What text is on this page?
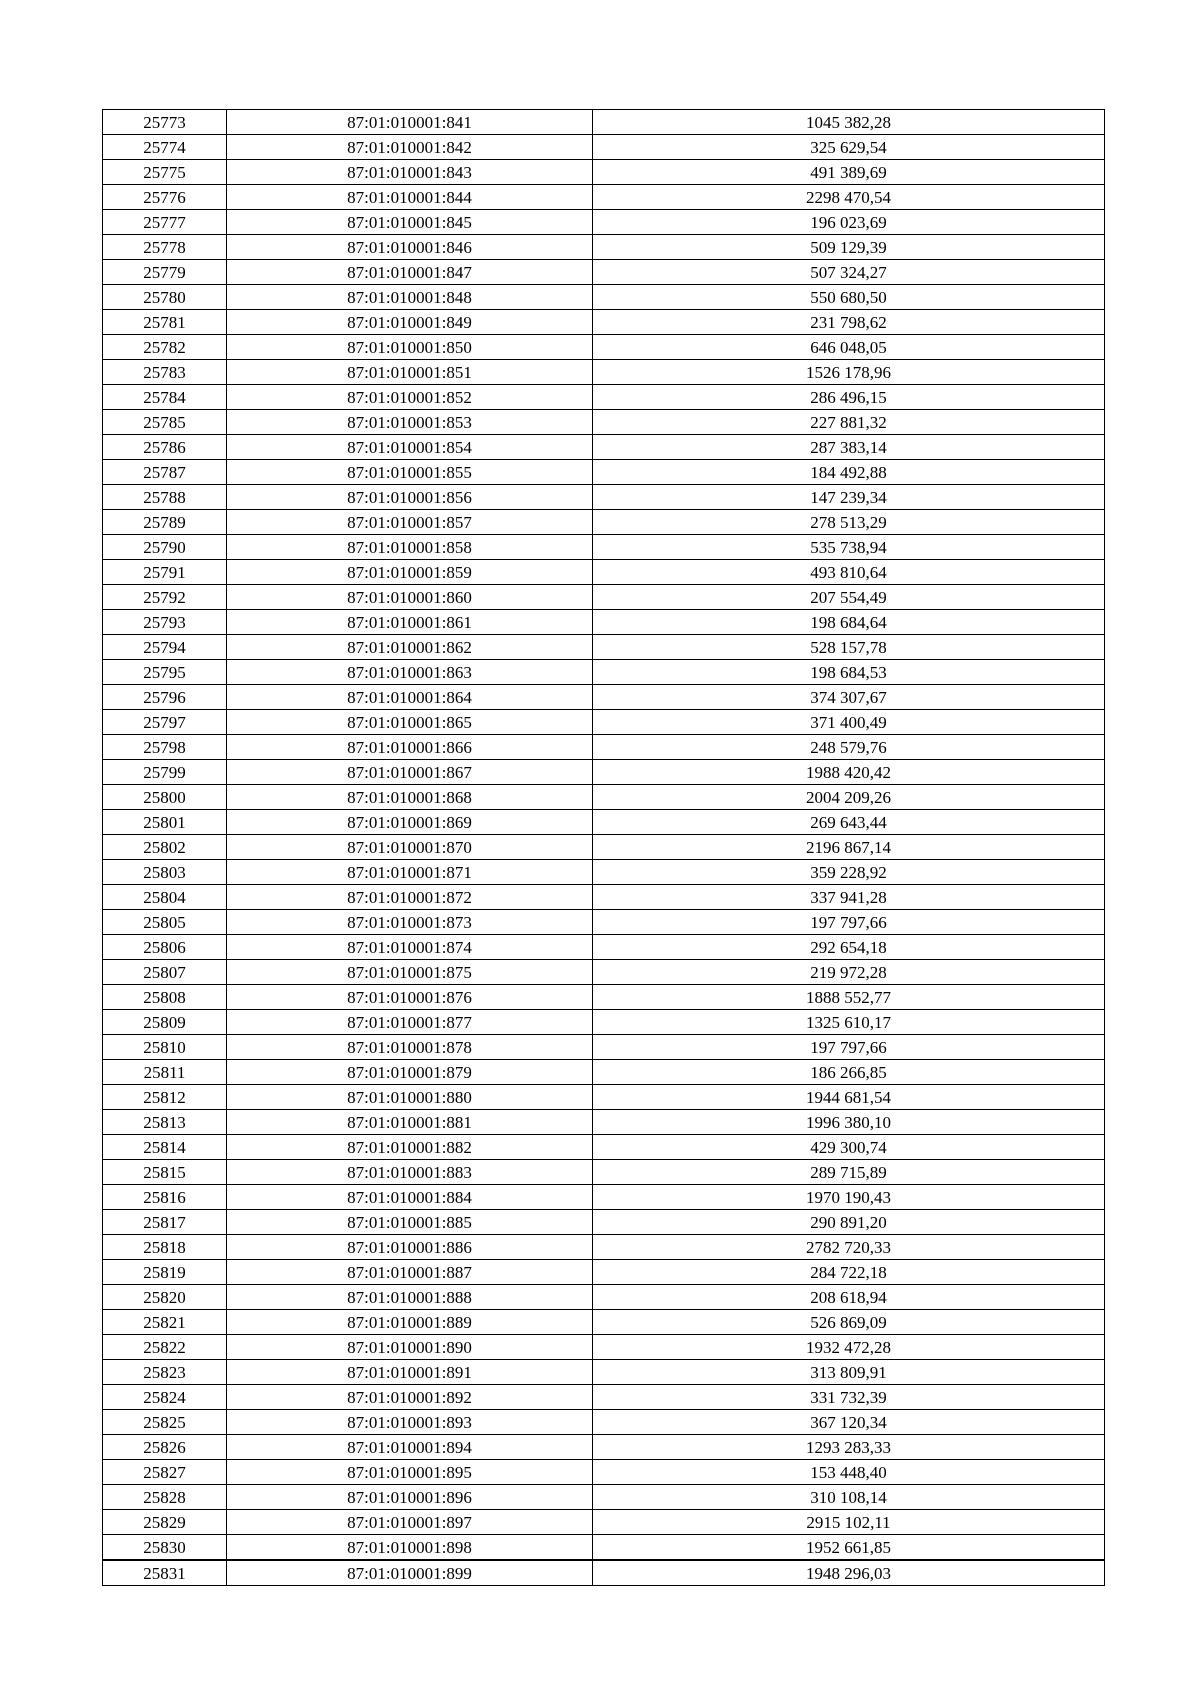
25773	87:01:010001:841	1045 382,28
25774	87:01:010001:842	325 629,54
25775	87:01:010001:843	491 389,69
25776	87:01:010001:844	2298 470,54
25777	87:01:010001:845	196 023,69
25778	87:01:010001:846	509 129,39
25779	87:01:010001:847	507 324,27
25780	87:01:010001:848	550 680,50
25781	87:01:010001:849	231 798,62
25782	87:01:010001:850	646 048,05
25783	87:01:010001:851	1526 178,96
25784	87:01:010001:852	286 496,15
25785	87:01:010001:853	227 881,32
25786	87:01:010001:854	287 383,14
25787	87:01:010001:855	184 492,88
25788	87:01:010001:856	147 239,34
25789	87:01:010001:857	278 513,29
25790	87:01:010001:858	535 738,94
25791	87:01:010001:859	493 810,64
25792	87:01:010001:860	207 554,49
25793	87:01:010001:861	198 684,64
25794	87:01:010001:862	528 157,78
25795	87:01:010001:863	198 684,53
25796	87:01:010001:864	374 307,67
25797	87:01:010001:865	371 400,49
25798	87:01:010001:866	248 579,76
25799	87:01:010001:867	1988 420,42
25800	87:01:010001:868	2004 209,26
25801	87:01:010001:869	269 643,44
25802	87:01:010001:870	2196 867,14
25803	87:01:010001:871	359 228,92
25804	87:01:010001:872	337 941,28
25805	87:01:010001:873	197 797,66
25806	87:01:010001:874	292 654,18
25807	87:01:010001:875	219 972,28
25808	87:01:010001:876	1888 552,77
25809	87:01:010001:877	1325 610,17
25810	87:01:010001:878	197 797,66
25811	87:01:010001:879	186 266,85
25812	87:01:010001:880	1944 681,54
25813	87:01:010001:881	1996 380,10
25814	87:01:010001:882	429 300,74
25815	87:01:010001:883	289 715,89
25816	87:01:010001:884	1970 190,43
25817	87:01:010001:885	290 891,20
25818	87:01:010001:886	2782 720,33
25819	87:01:010001:887	284 722,18
25820	87:01:010001:888	208 618,94
25821	87:01:010001:889	526 869,09
25822	87:01:010001:890	1932 472,28
25823	87:01:010001:891	313 809,91
25824	87:01:010001:892	331 732,39
25825	87:01:010001:893	367 120,34
25826	87:01:010001:894	1293 283,33
25827	87:01:010001:895	153 448,40
25828	87:01:010001:896	310 108,14
25829	87:01:010001:897	2915 102,11
25830	87:01:010001:898	1952 661,85
25831	87:01:010001:899	1948 296,03
